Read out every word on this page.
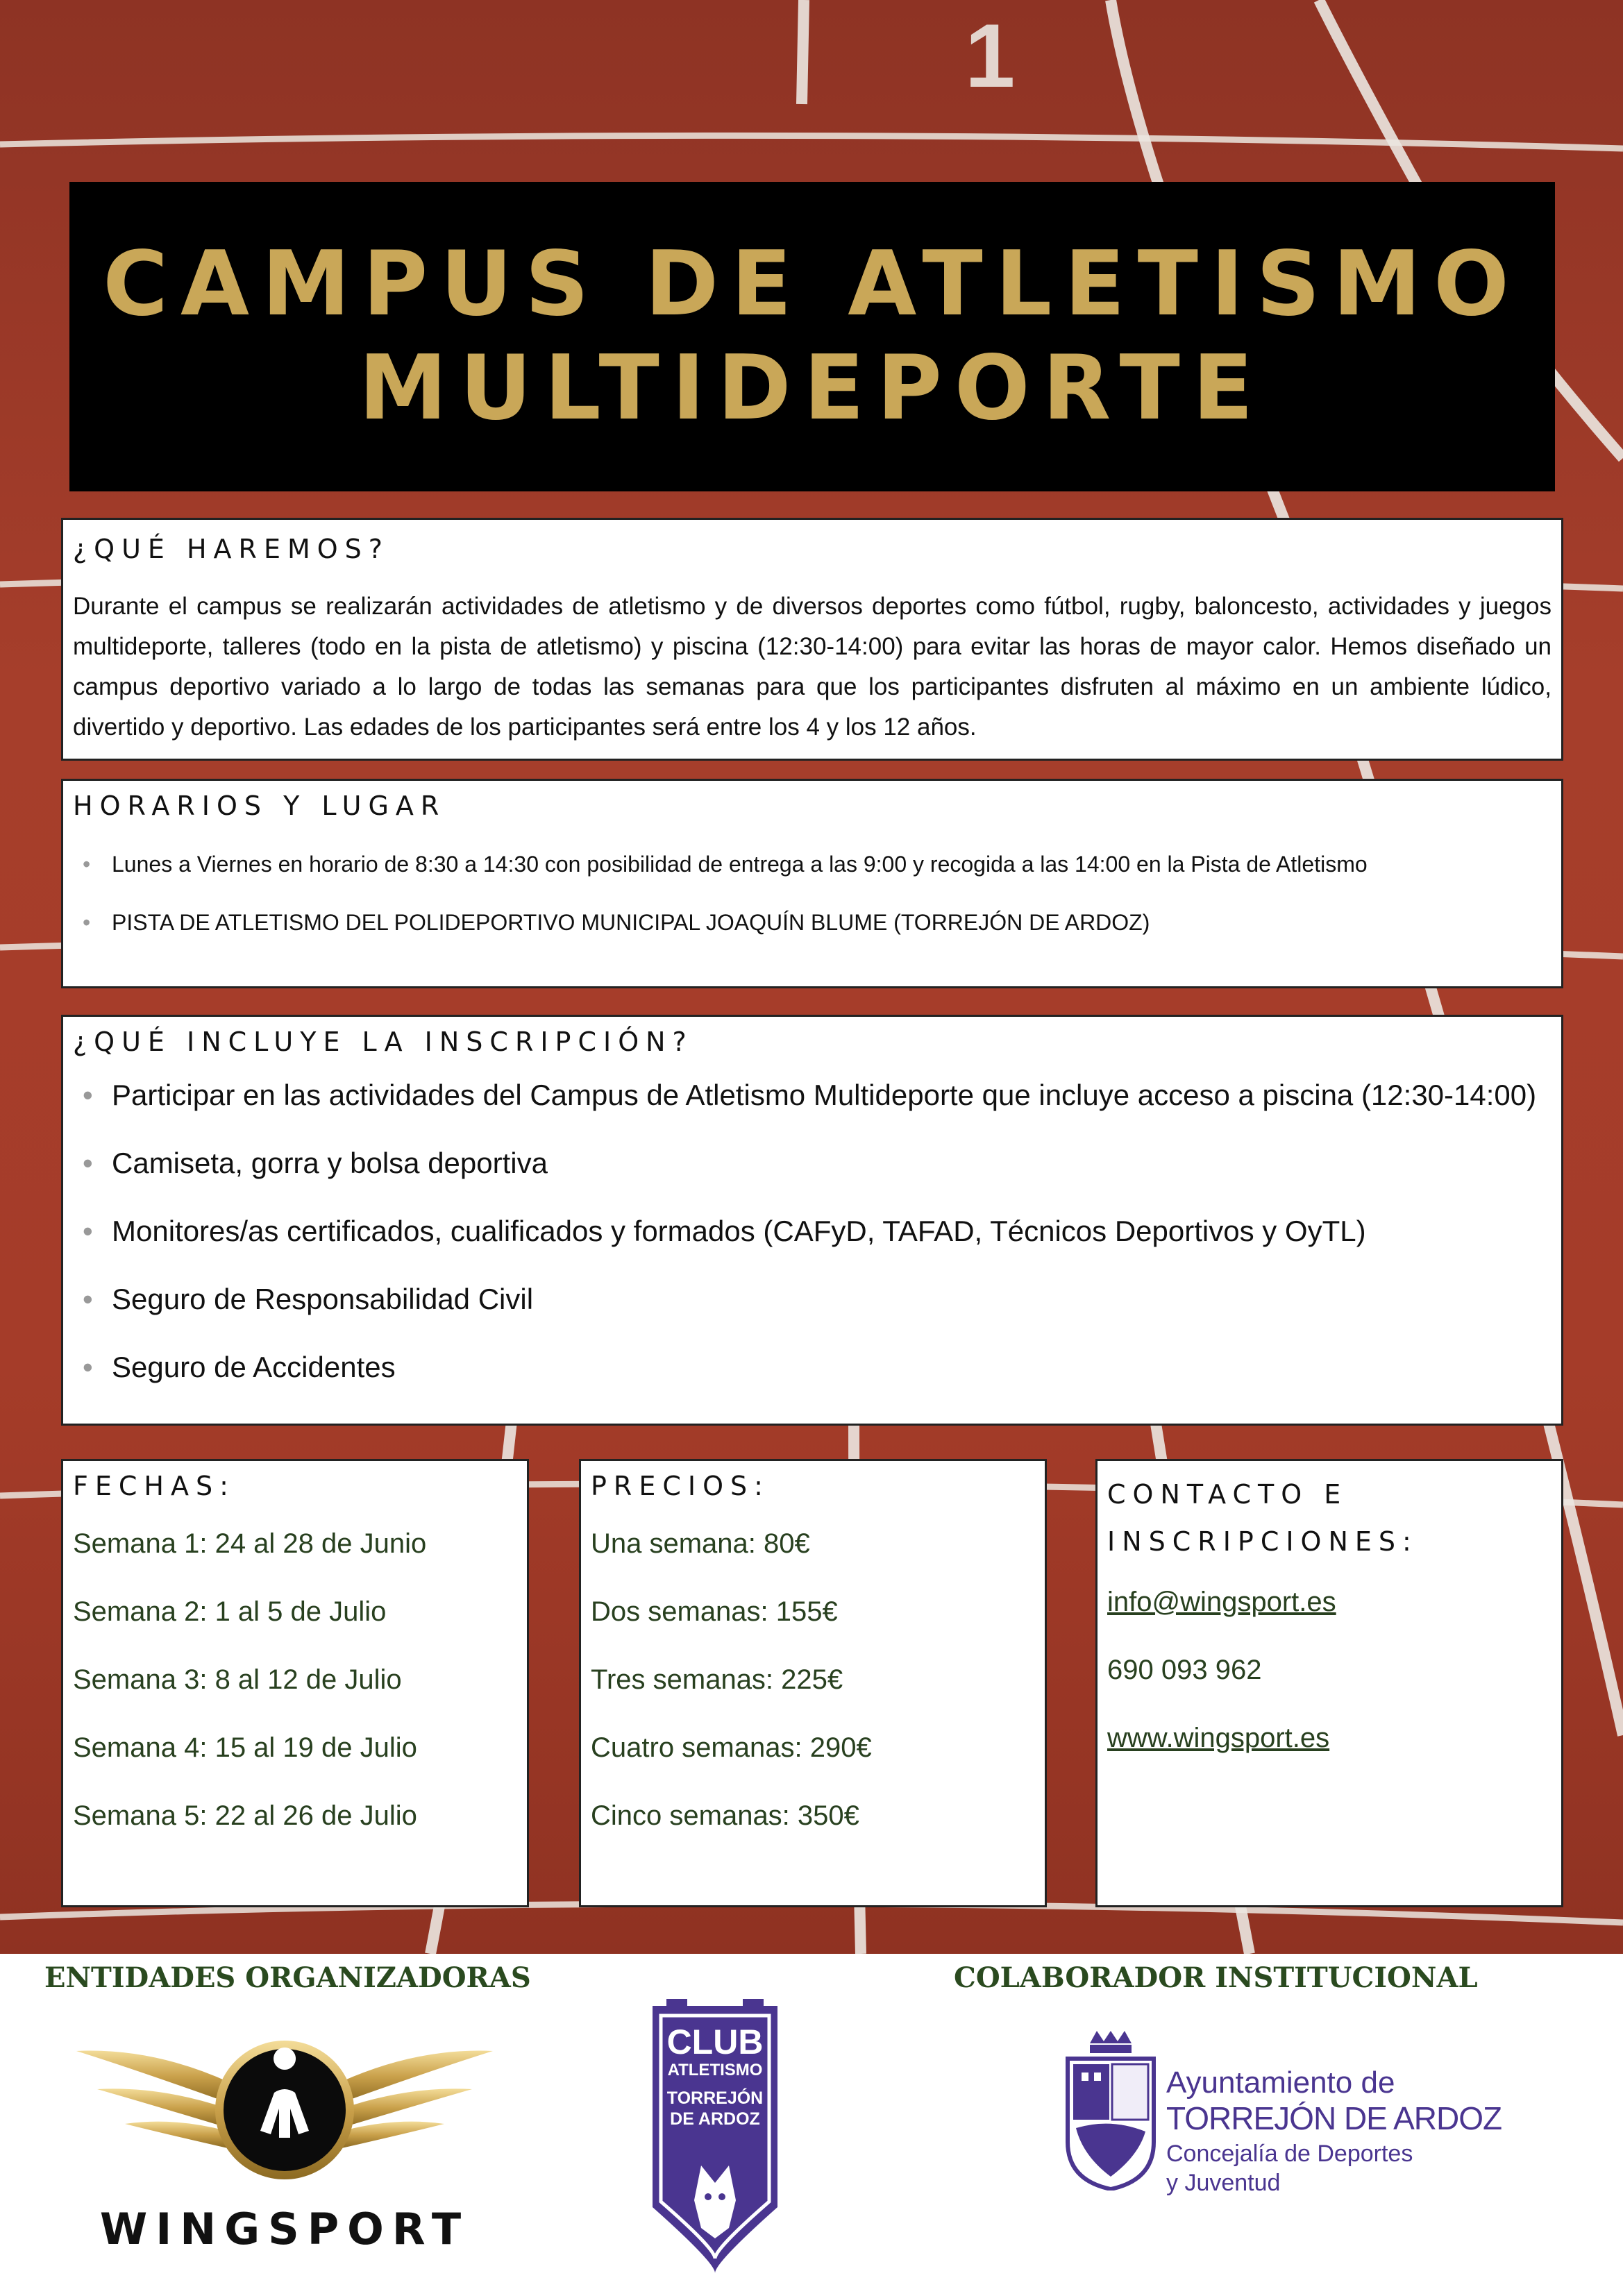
1
CAMPUS DE ATLETISMO
MULTIDEPORTE
¿QUÉ HAREMOS?

Durante el campus se realizarán actividades de atletismo y de diversos deportes como fútbol, rugby, baloncesto, actividades y juegos multideporte, talleres (todo en la pista de atletismo) y piscina (12:30-14:00) para evitar las horas de mayor calor. Hemos diseñado un campus deportivo variado a lo largo de todas las semanas para que los participantes disfruten al máximo en un ambiente lúdico, divertido y deportivo. Las edades de los participantes será entre los 4 y los 12 años.

HORARIOS Y LUGAR
• Lunes a Viernes en horario de 8:30 a 14:30 con posibilidad de entrega a las 9:00 y recogida a las 14:00 en la Pista de Atletismo
• PISTA DE ATLETISMO DEL POLIDEPORTIVO MUNICIPAL JOAQUÍN BLUME (TORREJÓN DE ARDOZ)
¿QUÉ INCLUYE LA INSCRIPCIÓN?
• Participar en las actividades del Campus de Atletismo Multideporte que incluye acceso a piscina (12:30-14:00)
• Camiseta, gorra y bolsa deportiva
• Monitores/as certificados, cualificados y formados (CAFyD, TAFAD, Técnicos Deportivos y OyTL)
• Seguro de Responsabilidad Civil
• Seguro de Accidentes
FECHAS:
Semana 1: 24 al 28 de Junio
Semana 2: 1 al 5 de Julio
Semana 3: 8 al 12 de Julio
Semana 4: 15 al 19 de Julio
Semana 5: 22 al 26 de Julio
PRECIOS:
Una semana: 80€
Dos semanas: 155€
Tres semanas: 225€
Cuatro semanas: 290€
Cinco semanas: 350€
CONTACTO E
INSCRIPCIONES:
info@wingsport.es
690 093 962
www.wingsport.es
ENTIDADES ORGANIZADORAS	COLABORADOR INSTITUCIONAL
WINGSPORT
CLUB
ATLETISMO
TORREJÓN
DE ARDOZ
Ayuntamiento de
TORREJÓN DE ARDOZ
Concejalía de Deportes
y Juventud
